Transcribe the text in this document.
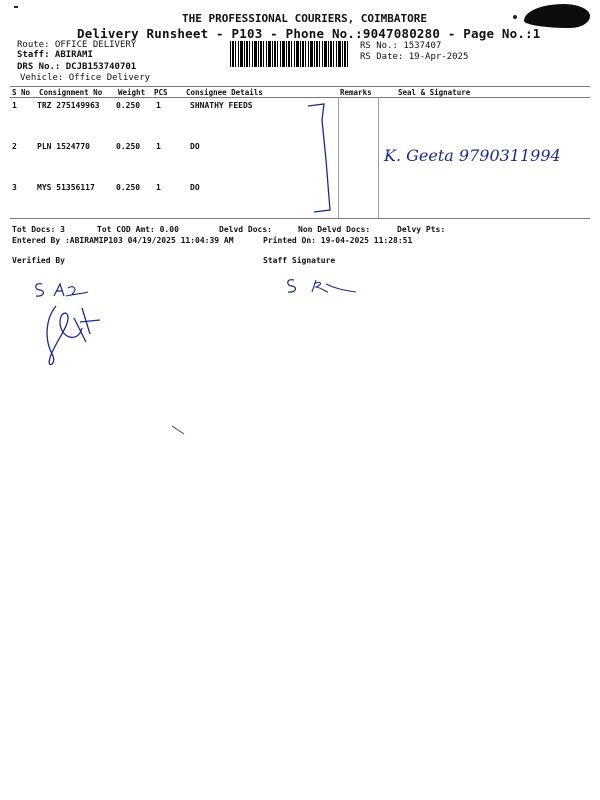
THE PROFESSIONAL COURIERS, COIMBATORE
Delivery Runsheet - P103 - Phone No.:9047080280 - Page No.:1
Route: OFFICE DELIVERY
Staff: ABIRAMI
DRS No.: DCJB153740701
Vehicle: Office Delivery
RS No.: 1537407
RS Date: 19-Apr-2025
S No Consignment No Weight PCS Consignee Details	Remarks	Seal & Signature
1	TRZ 275149963 0.250 1	SHNATHY FEEDS
2	PLN 1524770	0.250 1	DO
3	MYS 51356117	0.250 1	DO
K. Geeta 9790311994
Tot Docs: 3	Tot COD Amt: 0.00	Delvd Docs:	Non Delvd Docs:	Delvy Pts:
Entered By :ABIRAMIP103 04/19/2025 11:04:39 AM	Printed On: 19-04-2025 11:28:51
Verified By	Staff Signature
